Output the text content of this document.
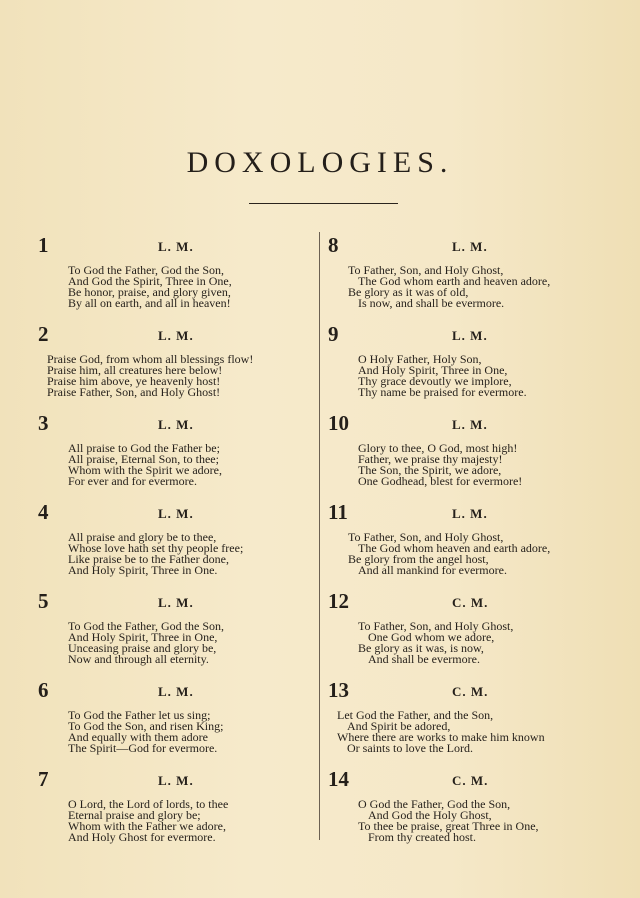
DOXOLOGIES.
1	L. M.
To God the Father, God the Son,
And God the Spirit, Three in One,
Be honor, praise, and glory given,
By all on earth, and all in heaven!
2	L. M.
Praise God, from whom all blessings flow!
Praise him, all creatures here below!
Praise him above, ye heavenly host!
Praise Father, Son, and Holy Ghost!
3	L. M.
All praise to God the Father be;
All praise, Eternal Son, to thee;
Whom with the Spirit we adore,
For ever and for evermore.
4	L. M.
All praise and glory be to thee,
Whose love hath set thy people free;
Like praise be to the Father done,
And Holy Spirit, Three in One.
5	L. M.
To God the Father, God the Son,
And Holy Spirit, Three in One,
Unceasing praise and glory be,
Now and through all eternity.
6	L. M.
To God the Father let us sing;
To God the Son, and risen King;
And equally with them adore
The Spirit—God for evermore.
7	L. M.
O Lord, the Lord of lords, to thee
Eternal praise and glory be;
Whom with the Father we adore,
And Holy Ghost for evermore.
8	L. M.
To Father, Son, and Holy Ghost,
The God whom earth and heaven adore,
Be glory as it was of old,
Is now, and shall be evermore.
9	L. M.
O Holy Father, Holy Son,
And Holy Spirit, Three in One,
Thy grace devoutly we implore,
Thy name be praised for evermore.
10	L. M.
Glory to thee, O God, most high!
Father, we praise thy majesty!
The Son, the Spirit, we adore,
One Godhead, blest for evermore!
11	L. M.
To Father, Son, and Holy Ghost,
The God whom heaven and earth adore,
Be glory from the angel host,
And all mankind for evermore.
12	C. M.
To Father, Son, and Holy Ghost,
One God whom we adore,
Be glory as it was, is now,
And shall be evermore.
13	C. M.
Let God the Father, and the Son,
And Spirit be adored,
Where there are works to make him known
Or saints to love the Lord.
14	C. M.
O God the Father, God the Son,
And God the Holy Ghost,
To thee be praise, great Three in One,
From thy created host.
